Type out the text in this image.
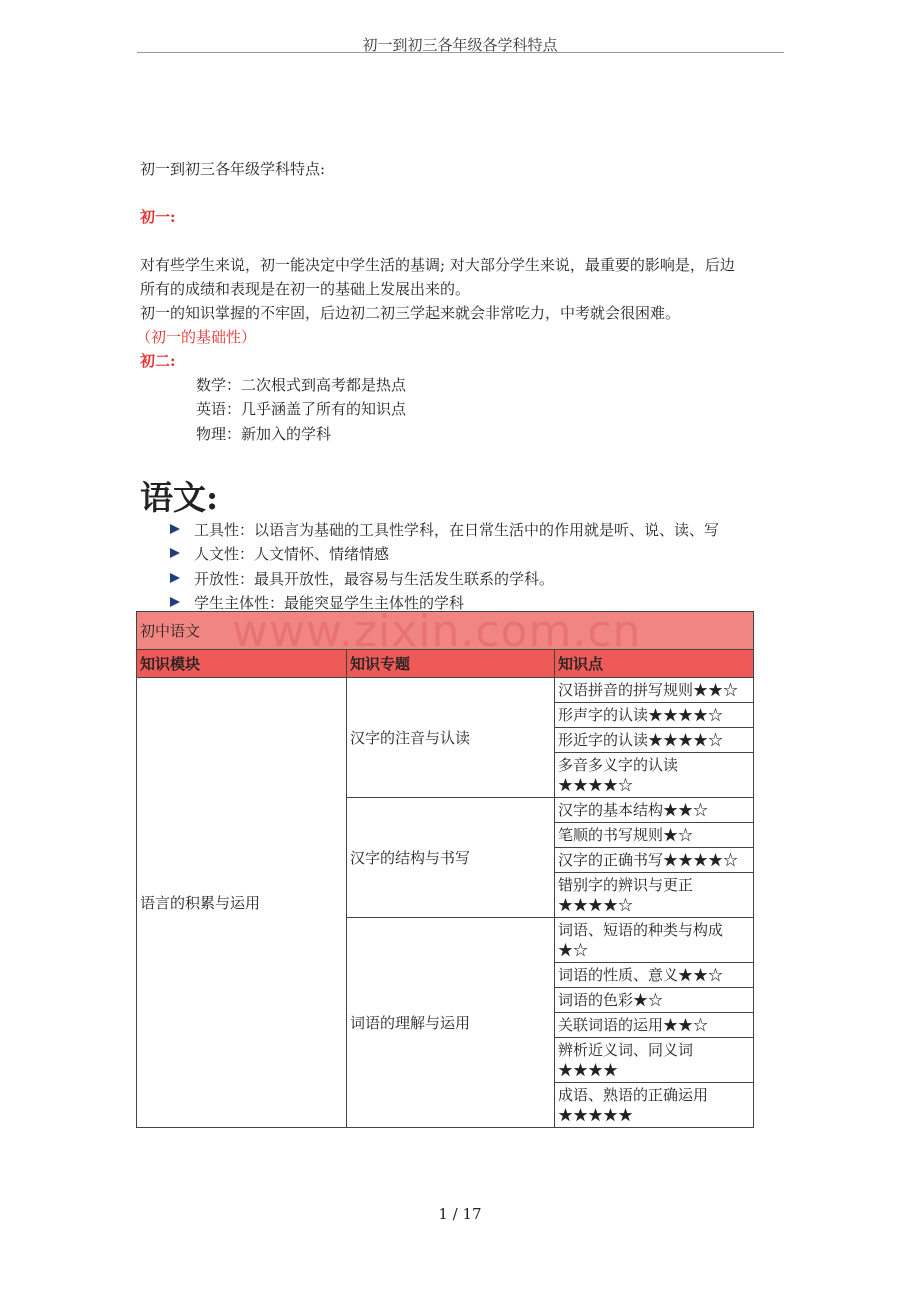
初一到初三各年级各学科特点
初一到初三各年级学科特点:
初一:
对有些学生来说，初一能决定中学生活的基调; 对大部分学生来说，最重要的影响是，后边
所有的成绩和表现是在初一的基础上发展出来的。
初一的知识掌握的不牢固，后边初二初三学起来就会非常吃力，中考就会很困难。
（初一的基础性）
初二:
数学：二次根式到高考都是热点
英语：几乎涵盖了所有的知识点
物理：新加入的学科
语文:
工具性：以语言为基础的工具性学科，在日常生活中的作用就是听、说、读、写
人文性：人文情怀、情绪情感
开放性：最具开放性，最容易与生活发生联系的学科。
学生主体性：最能突显学生主体性的学科
初中语文		
知识模块	知识专题	知识点
语言的积累与运用	汉字的注音与认读	汉语拼音的拼写规则★★☆
		形声字的认读★★★★☆
		形近字的认读★★★★☆
		多音多义字的认读★★★★☆
	汉字的结构与书写	汉字的基本结构★★☆
		笔顺的书写规则★☆
		汉字的正确书写★★★★☆
		错别字的辨识与更正★★★★☆
	词语的理解与运用	词语、短语的种类与构成★☆
		词语的性质、意义★★☆
		词语的色彩★☆
		关联词语的运用★★☆
		辨析近义词、同义词★★★★
		成语、熟语的正确运用★★★★★
www.zixin.com.cn
1 / 17
